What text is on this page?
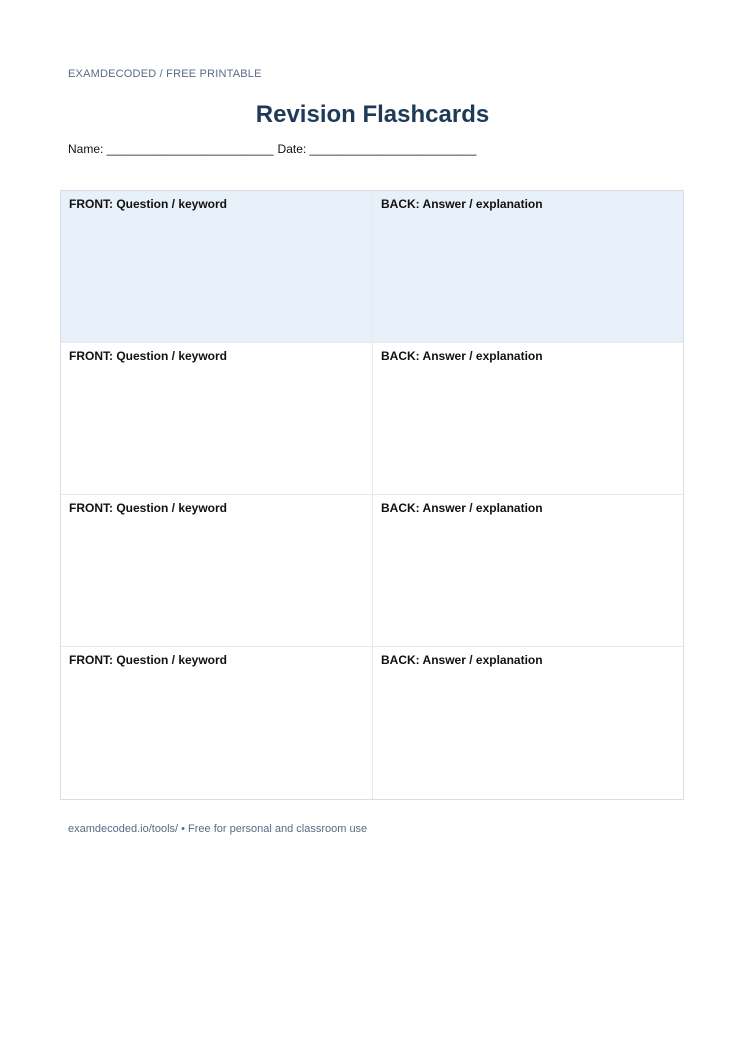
EXAMDECODED / FREE PRINTABLE
Revision Flashcards
Name: _________________________ Date: _________________________
FRONT: Question / keyword	BACK: Answer / explanation
FRONT: Question / keyword	BACK: Answer / explanation
FRONT: Question / keyword	BACK: Answer / explanation
FRONT: Question / keyword	BACK: Answer / explanation
examdecoded.io/tools/ • Free for personal and classroom use
